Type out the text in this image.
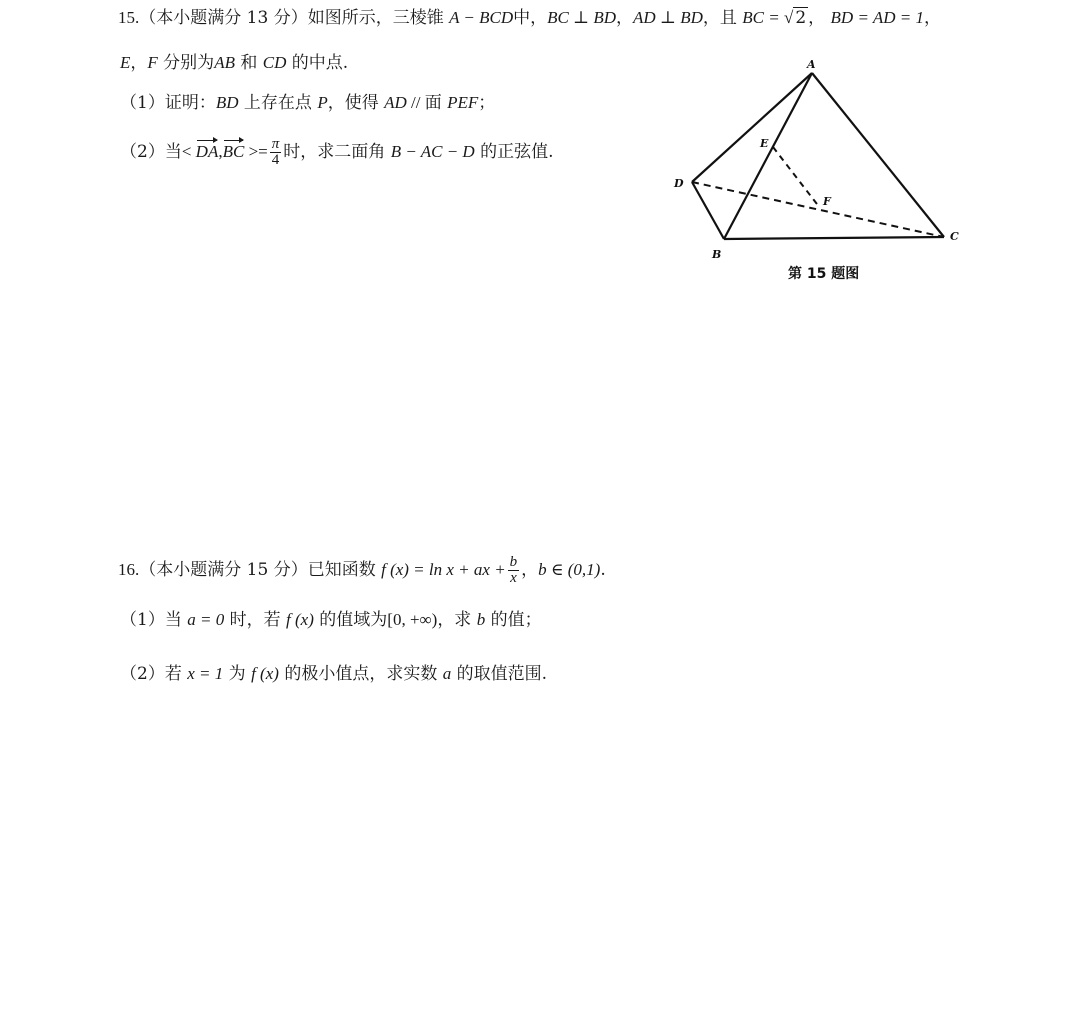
15.（本小题满分 13 分）如图所示，三棱锥 A − BCD中，BC ⊥ BD，AD ⊥ BD，且 BC = √ 2 ， BD = AD = 1，
E，F 分别为AB 和 CD 的中点.
（1）证明：BD 上存在点 P，使得 AD // 面 PEF；
（2）当< $DA,BC >= \frac{\pi}{4}$ 时，求二面角 B − AC − D 的正弦值.
A
D
B
C
E
F
第 15 题图
16.（本小题满分 15 分）已知函数 f (x) = ln x + ax + $\frac{b}{x}$ ，b ∈ (0,1).
（1）当 a = 0 时，若 f (x) 的值域为[0, +∞)，求 b 的值；
（2）若 x = 1 为 f (x) 的极小值点，求实数 a 的取值范围.
